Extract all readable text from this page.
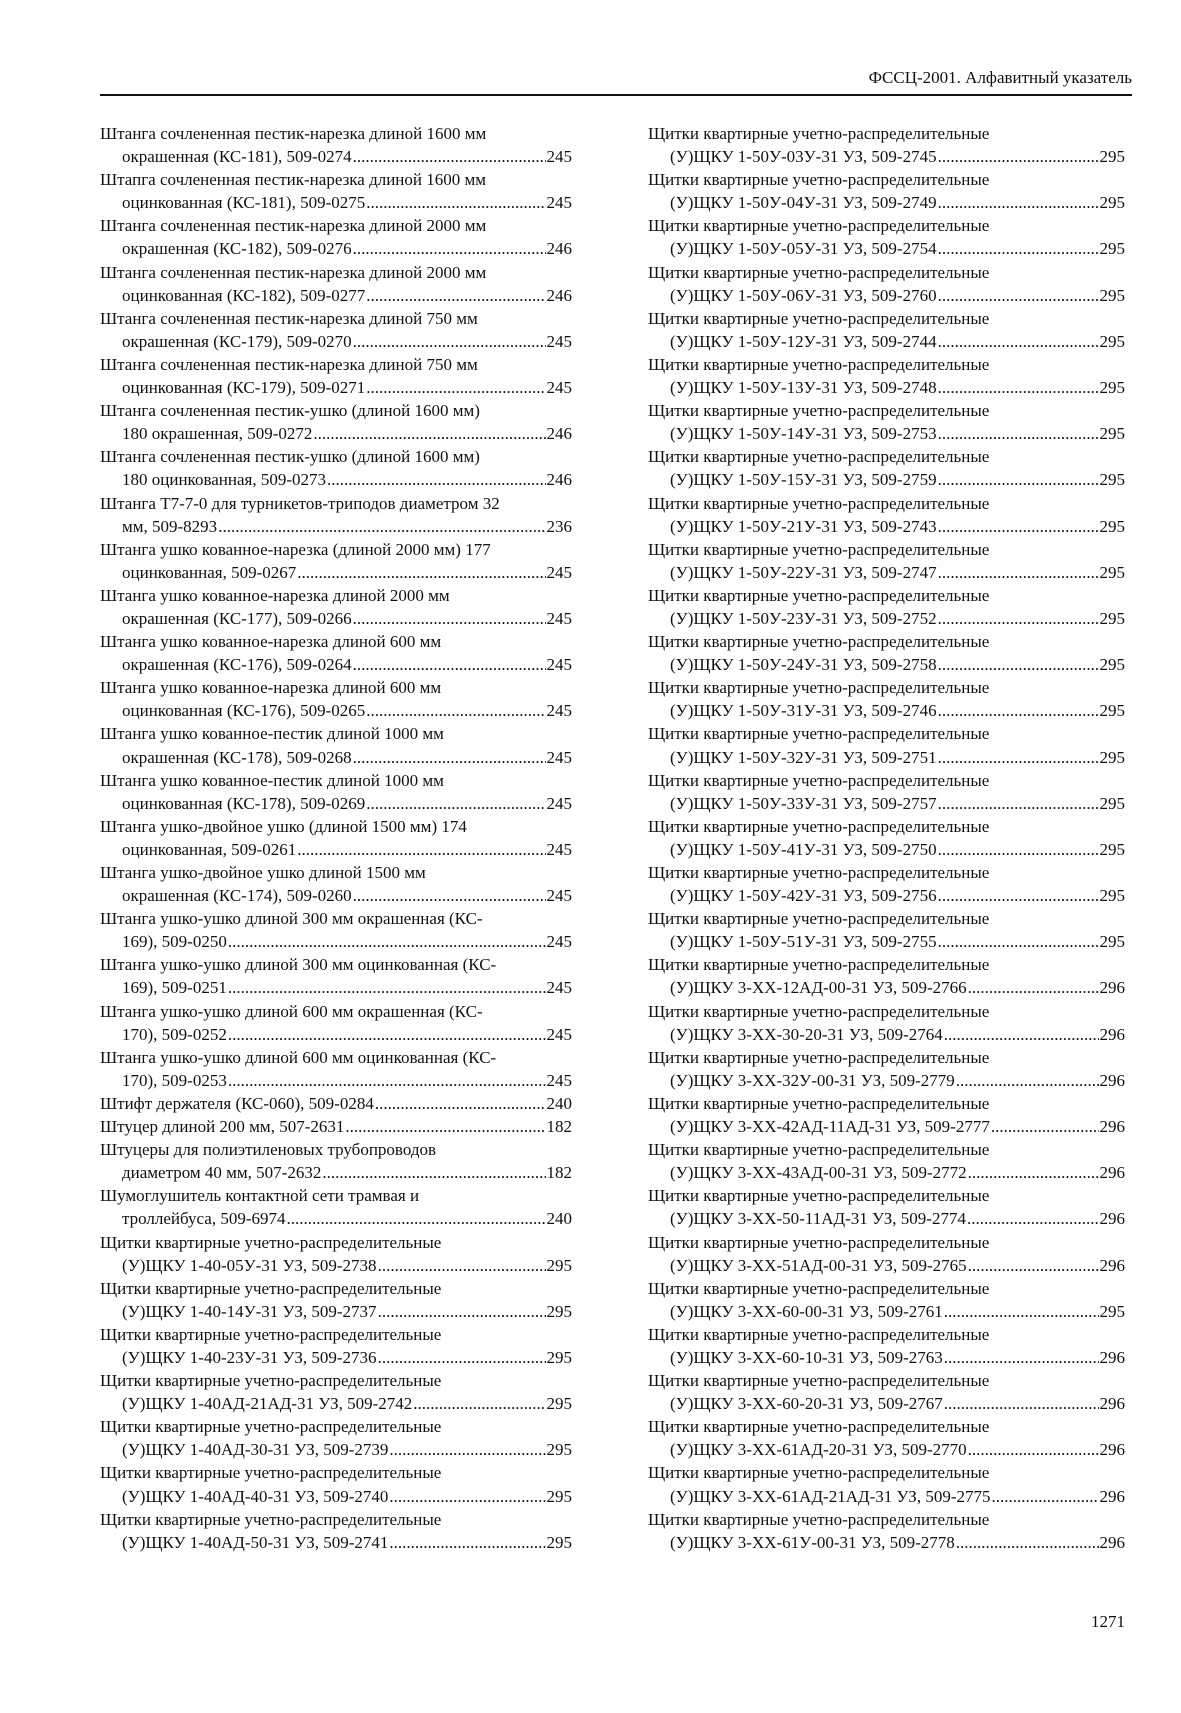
ФССЦ-2001. Алфавитный указатель
Штанга сочлененная пестик-нарезка длиной 1600 мм
окрашенная (КС-181), 509-0274 .....	245
Штапга сочлененная пестик-нарезка длиной 1600 мм
оцинкованная (КС-181), 509-0275 .....	245
Штанга сочлененная пестик-нарезка длиной 2000 мм
окрашенная (КС-182), 509-0276 .....	246
Штанга сочлененная пестик-нарезка длиной 2000 мм
оцинкованная (КС-182), 509-0277 .....	246
Штанга сочлененная пестик-нарезка длиной 750 мм
окрашенная (КС-179), 509-0270 .....	245
Штанга сочлененная пестик-нарезка длиной 750 мм
оцинкованная (КС-179), 509-0271 .....	245
Штанга сочлененная пестик-ушко (длиной 1600 мм)
180 окрашенная, 509-0272 .....	246
Штанга сочлененная пестик-ушко (длиной 1600 мм)
180 оцинкованная, 509-0273 .....	246
Штанга Т7-7-0 для турникетов-триподов диаметром 32
мм, 509-8293 .....	236
Штанга ушко кованное-нарезка (длиной 2000 мм) 177
оцинкованная, 509-0267 .....	245
Штанга ушко кованное-нарезка длиной 2000 мм
окрашенная (КС-177), 509-0266 .....	245
Штанга ушко кованное-нарезка длиной 600 мм
окрашенная (КС-176), 509-0264 .....	245
Штанга ушко кованное-нарезка длиной 600 мм
оцинкованная (КС-176), 509-0265 .....	245
Штанга ушко кованное-пестик длиной 1000 мм
окрашенная (КС-178), 509-0268 .....	245
Штанга ушко кованное-пестик длиной 1000 мм
оцинкованная (КС-178), 509-0269 .....	245
Штанга ушко-двойное ушко (длиной 1500 мм) 174
оцинкованная, 509-0261 .....	245
Штанга ушко-двойное ушко длиной 1500 мм
окрашенная (КС-174), 509-0260 .....	245
Штанга ушко-ушко длиной 300 мм окрашенная (КС-
169), 509-0250 .....	245
Штанга ушко-ушко длиной 300 мм оцинкованная (КС-
169), 509-0251 .....	245
Штанга ушко-ушко длиной 600 мм окрашенная (КС-
170), 509-0252 .....	245
Штанга ушко-ушко длиной 600 мм оцинкованная (КС-
170), 509-0253 .....	245
Штифт держателя (КС-060), 509-0284 .....	240
Штуцер длиной 200 мм, 507-2631 .....	182
Штуцеры для полиэтиленовых трубопроводов
диаметром 40 мм, 507-2632 .....	182
Шумоглушитель контактной сети трамвая и
троллейбуса, 509-6974 .....	240
Щитки квартирные учетно-распределительные
(У)ЩКУ 1-40-05У-31 УЗ, 509-2738 .....	295
Щитки квартирные учетно-распределительные
(У)ЩКУ 1-40-14У-31 УЗ, 509-2737 .....	295
Щитки квартирные учетно-распределительные
(У)ЩКУ 1-40-23У-31 УЗ, 509-2736 .....	295
Щитки квартирные учетно-распределительные
(У)ЩКУ 1-40АД-21АД-31 УЗ, 509-2742 .....	295
Щитки квартирные учетно-распределительные
(У)ЩКУ 1-40АД-30-31 УЗ, 509-2739 .....	295
Щитки квартирные учетно-распределительные
(У)ЩКУ 1-40АД-40-31 УЗ, 509-2740 .....	295
Щитки квартирные учетно-распределительные
(У)ЩКУ 1-40АД-50-31 УЗ, 509-2741 .....	295
Щитки квартирные учетно-распределительные
(У)ЩКУ 1-50У-03У-31 УЗ, 509-2745 .....	295
Щитки квартирные учетно-распределительные
(У)ЩКУ 1-50У-04У-31 УЗ, 509-2749 .....	295
Щитки квартирные учетно-распределительные
(У)ЩКУ 1-50У-05У-31 УЗ, 509-2754 .....	295
Щитки квартирные учетно-распределительные
(У)ЩКУ 1-50У-06У-31 УЗ, 509-2760 .....	295
Щитки квартирные учетно-распределительные
(У)ЩКУ 1-50У-12У-31 УЗ, 509-2744 .....	295
Щитки квартирные учетно-распределительные
(У)ЩКУ 1-50У-13У-31 УЗ, 509-2748 .....	295
Щитки квартирные учетно-распределительные
(У)ЩКУ 1-50У-14У-31 УЗ, 509-2753 .....	295
Щитки квартирные учетно-распределительные
(У)ЩКУ 1-50У-15У-31 УЗ, 509-2759 .....	295
Щитки квартирные учетно-распределительные
(У)ЩКУ 1-50У-21У-31 УЗ, 509-2743 .....	295
Щитки квартирные учетно-распределительные
(У)ЩКУ 1-50У-22У-31 УЗ, 509-2747 .....	295
Щитки квартирные учетно-распределительные
(У)ЩКУ 1-50У-23У-31 УЗ, 509-2752 .....	295
Щитки квартирные учетно-распределительные
(У)ЩКУ 1-50У-24У-31 УЗ, 509-2758 .....	295
Щитки квартирные учетно-распределительные
(У)ЩКУ 1-50У-31У-31 УЗ, 509-2746 .....	295
Щитки квартирные учетно-распределительные
(У)ЩКУ 1-50У-32У-31 УЗ, 509-2751 .....	295
Щитки квартирные учетно-распределительные
(У)ЩКУ 1-50У-33У-31 УЗ, 509-2757 .....	295
Щитки квартирные учетно-распределительные
(У)ЩКУ 1-50У-41У-31 УЗ, 509-2750 .....	295
Щитки квартирные учетно-распределительные
(У)ЩКУ 1-50У-42У-31 УЗ, 509-2756 .....	295
Щитки квартирные учетно-распределительные
(У)ЩКУ 1-50У-51У-31 УЗ, 509-2755 .....	295
Щитки квартирные учетно-распределительные
(У)ЩКУ 3-ХХ-12АД-00-31 УЗ, 509-2766 .....	296
Щитки квартирные учетно-распределительные
(У)ЩКУ 3-ХХ-30-20-31 УЗ, 509-2764 .....	296
Щитки квартирные учетно-распределительные
(У)ЩКУ 3-ХХ-32У-00-31 УЗ, 509-2779 .....	296
Щитки квартирные учетно-распределительные
(У)ЩКУ 3-ХХ-42АД-11АД-31 УЗ, 509-2777 .....	296
Щитки квартирные учетно-распределительные
(У)ЩКУ 3-ХХ-43АД-00-31 УЗ, 509-2772 .....	296
Щитки квартирные учетно-распределительные
(У)ЩКУ 3-ХХ-50-11АД-31 УЗ, 509-2774 .....	296
Щитки квартирные учетно-распределительные
(У)ЩКУ 3-ХХ-51АД-00-31 УЗ, 509-2765 .....	296
Щитки квартирные учетно-распределительные
(У)ЩКУ 3-ХХ-60-00-31 УЗ, 509-2761 .....	295
Щитки квартирные учетно-распределительные
(У)ЩКУ 3-ХХ-60-10-31 УЗ, 509-2763 .....	296
Щитки квартирные учетно-распределительные
(У)ЩКУ 3-ХХ-60-20-31 УЗ, 509-2767 .....	296
Щитки квартирные учетно-распределительные
(У)ЩКУ 3-ХХ-61АД-20-31 УЗ, 509-2770 .....	296
Щитки квартирные учетно-распределительные
(У)ЩКУ 3-ХХ-61АД-21АД-31 УЗ, 509-2775 .....	296
Щитки квартирные учетно-распределительные
(У)ЩКУ 3-ХХ-61У-00-31 УЗ, 509-2778 .....	296
1271
